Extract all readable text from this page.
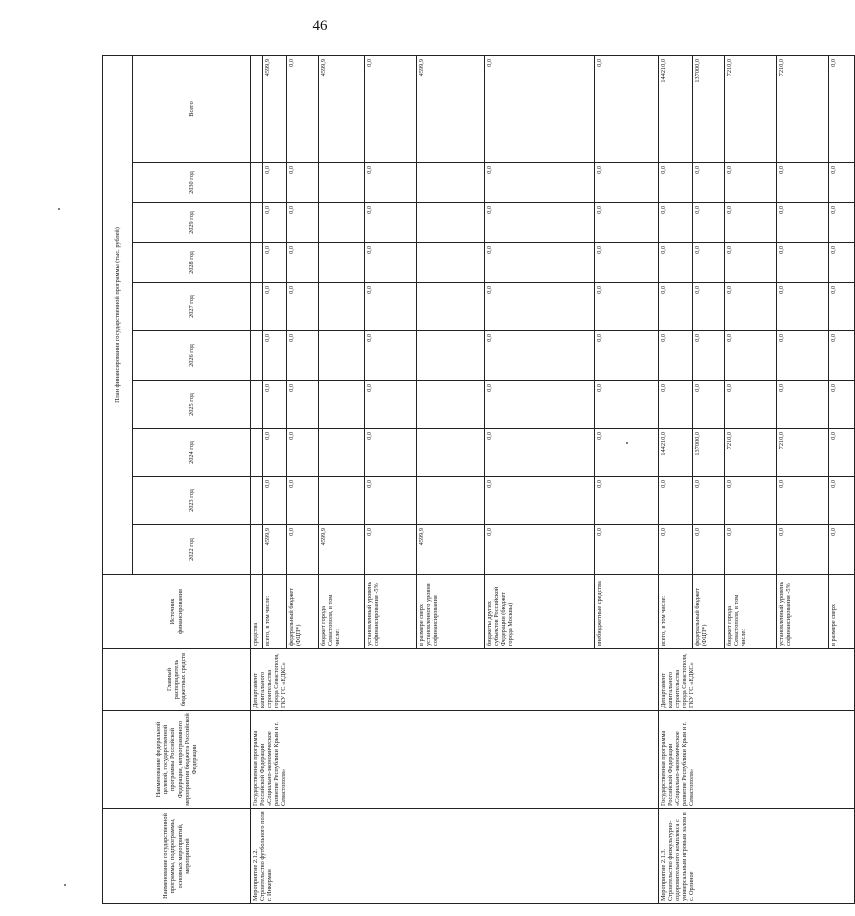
46
Наименование государственной программы, подпрограммы, основных мероприятий, мероприятий	Наименование федеральной целевой, государственной программы Российской Федерации, непрограммного мероприятия бюджета Российской Федерации	Главный распорядитель бюджетных средств	Источник финансирования	План финансирования государственной программы (тыс. рублей)									
				2022 год	2023 год	2024 год	2025 год	2026 год	2027 год	2028 год	2029 год	2030 год	Всего
Мероприятие 2.1.2. Строительство футбольного поля г. Инкерман	Государственная программа Российской Федерации «Социально-экономическое развитие Республики Крым и г. Севастополя»	Департамент капитального строительства города Севастополя, ГКУ ГС «ЕДКС»	средства										
			всего, в том числе:	4599,9	0,0	0,0	0,0	0,0	0,0	0,0	0,0	0,0	4599,9
			федеральный бюджет (ФЦП*)	0,0	0,0	0,0	0,0	0,0	0,0	0,0	0,0	0,0	0,0
			бюджет города Севастополя, в том числе:	4599,9									4599,9
			установленный уровень софинансирования -5%	0,0	0,0	0,0	0,0	0,0	0,0	0,0	0,0	0,0	0,0
			в размере сверх установленного уровня софинансирования	4599,9									4599,9
			бюджеты других субъектов Российской Федерации (бюджет города Москвы)	0,0	0,0	0,0	0,0	0,0	0,0	0,0	0,0	0,0	0,0
			внебюджетные средства	0,0	0,0	0,0	0,0	0,0	0,0	0,0	0,0	0,0	0,0
Мероприятие 2.1.3. Строительство физкультурно-оздоровительного комплекса с универсальным игровым залом в с. Орлиное	Государственная программа Российской Федерации «Социально-экономическое развитие Республики Крым и г. Севастополя»	Департамент капитального строительства города Севастополя, ГКУ ГС «ЕДКС»	всего, в том числе:	0,0	0,0	144210,0	0,0	0,0	0,0	0,0	0,0	0,0	144210,0
			федеральный бюджет (ФЦП*)	0,0	0,0	137000,0	0,0	0,0	0,0	0,0	0,0	0,0	137000,0
			бюджет города Севастополя, в том числе:	0,0	0,0	7210,0	0,0	0,0	0,0	0,0	0,0	0,0	7210,0
			установленный уровень софинансирования -5%	0,0	0,0	7210,0	0,0	0,0	0,0	0,0	0,0	0,0	7210,0
			в размере сверх	0,0	0,0	0,0	0,0	0,0	0,0	0,0	0,0	0,0	0,0
